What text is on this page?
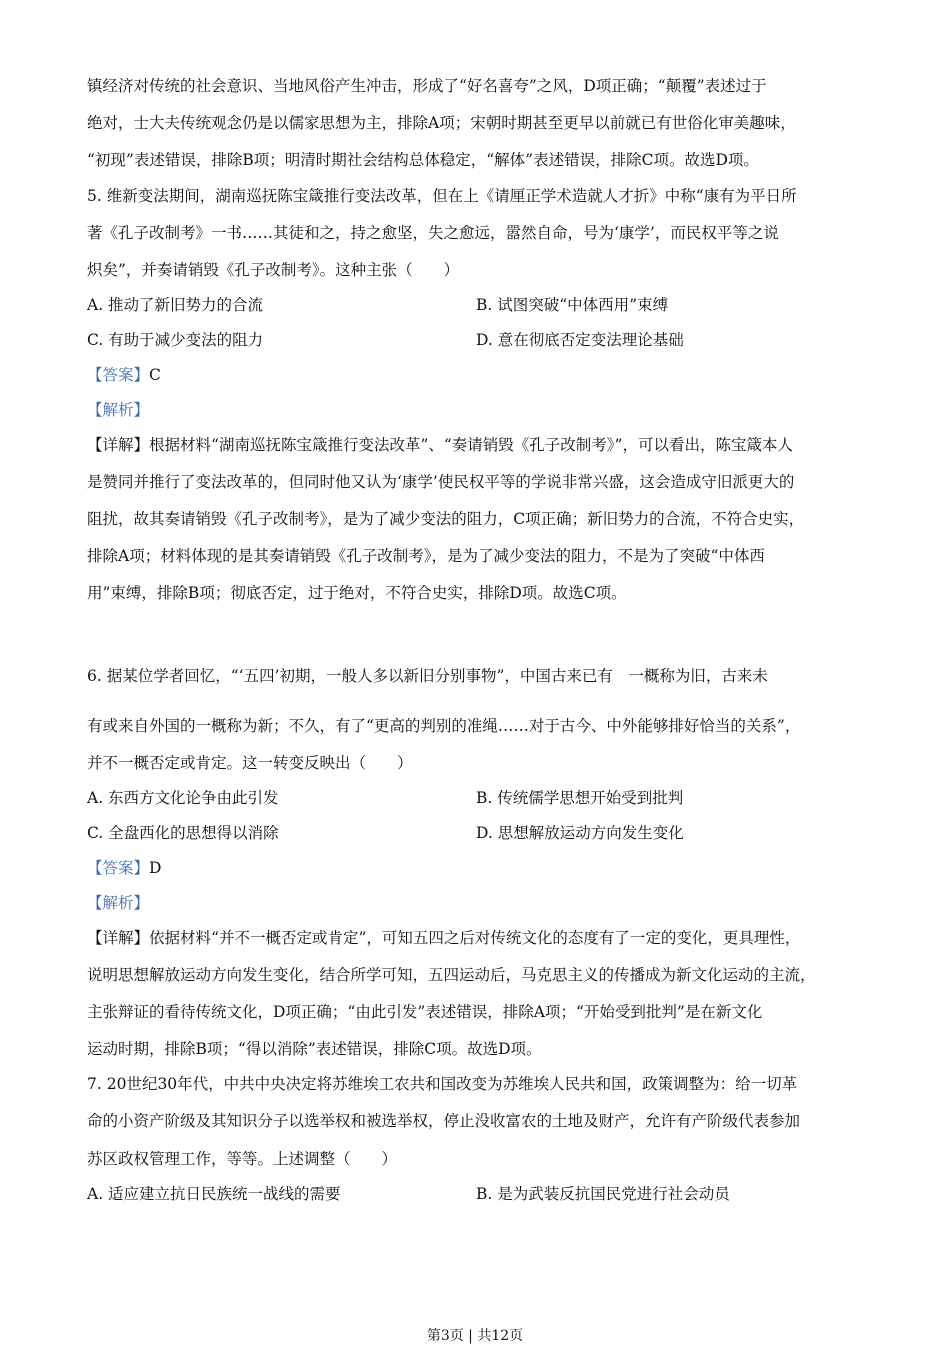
镇经济对传统的社会意识、当地风俗产生冲击，形成了“好名喜夸”之风，D项正确；“颠覆”表述过于
绝对，士大夫传统观念仍是以儒家思想为主，排除A项；宋朝时期甚至更早以前就已有世俗化审美趣味，
“初现”表述错误，排除B项；明清时期社会结构总体稳定，“解体”表述错误，排除C项。故选D项。
5. 维新变法期间，湖南巡抚陈宝箴推行变法改革，但在上《请厘正学术造就人才折》中称“康有为平日所
著《孔子改制考》一书……其徒和之，持之愈坚，失之愈远，嚣然自命，号为‘康学’，而民权平等之说
炽矣”，并奏请销毁《孔子改制考》。这种主张（　　）
A. 推动了新旧势力的合流	B. 试图突破“中体西用”束缚
C. 有助于减少变法的阻力	D. 意在彻底否定变法理论基础
【答案】C
【解析】
【详解】根据材料“湖南巡抚陈宝箴推行变法改革”、“奏请销毁《孔子改制考》”，可以看出，陈宝箴本人
是赞同并推行了变法改革的，但同时他又认为‘康学’使民权平等的学说非常兴盛，这会造成守旧派更大的
阻扰，故其奏请销毁《孔子改制考》，是为了减少变法的阻力，C项正确；新旧势力的合流，不符合史实，
排除A项；材料体现的是其奏请销毁《孔子改制考》，是为了减少变法的阻力，不是为了突破“中体西
用”束缚，排除B项；彻底否定，过于绝对，不符合史实，排除D项。故选C项。
6. 据某位学者回忆，“‘五四’初期，一般人多以新旧分别事物”，中国古来已有　一概称为旧，古来未
有或来自外国的一概称为新；不久，有了“更高的判别的准绳……对于古今、中外能够排好恰当的关系”，
并不一概否定或肯定。这一转变反映出（　　）
A. 东西方文化论争由此引发	B. 传统儒学思想开始受到批判
C. 全盘西化的思想得以消除	D. 思想解放运动方向发生变化
【答案】D
【解析】
【详解】依据材料“并不一概否定或肯定”，可知五四之后对传统文化的态度有了一定的变化，更具理性，
说明思想解放运动方向发生变化，结合所学可知，五四运动后，马克思主义的传播成为新文化运动的主流，
主张辩证的看待传统文化，D项正确；“由此引发”表述错误，排除A项；“开始受到批判”是在新文化
运动时期，排除B项；“得以消除”表述错误，排除C项。故选D项。
7. 20世纪30年代，中共中央决定将苏维埃工农共和国改变为苏维埃人民共和国，政策调整为：给一切革
命的小资产阶级及其知识分子以选举权和被选举权，停止没收富农的土地及财产，允许有产阶级代表参加
苏区政权管理工作，等等。上述调整（　　）
A. 适应建立抗日民族统一战线的需要	B. 是为武装反抗国民党进行社会动员
第3页 | 共12页
